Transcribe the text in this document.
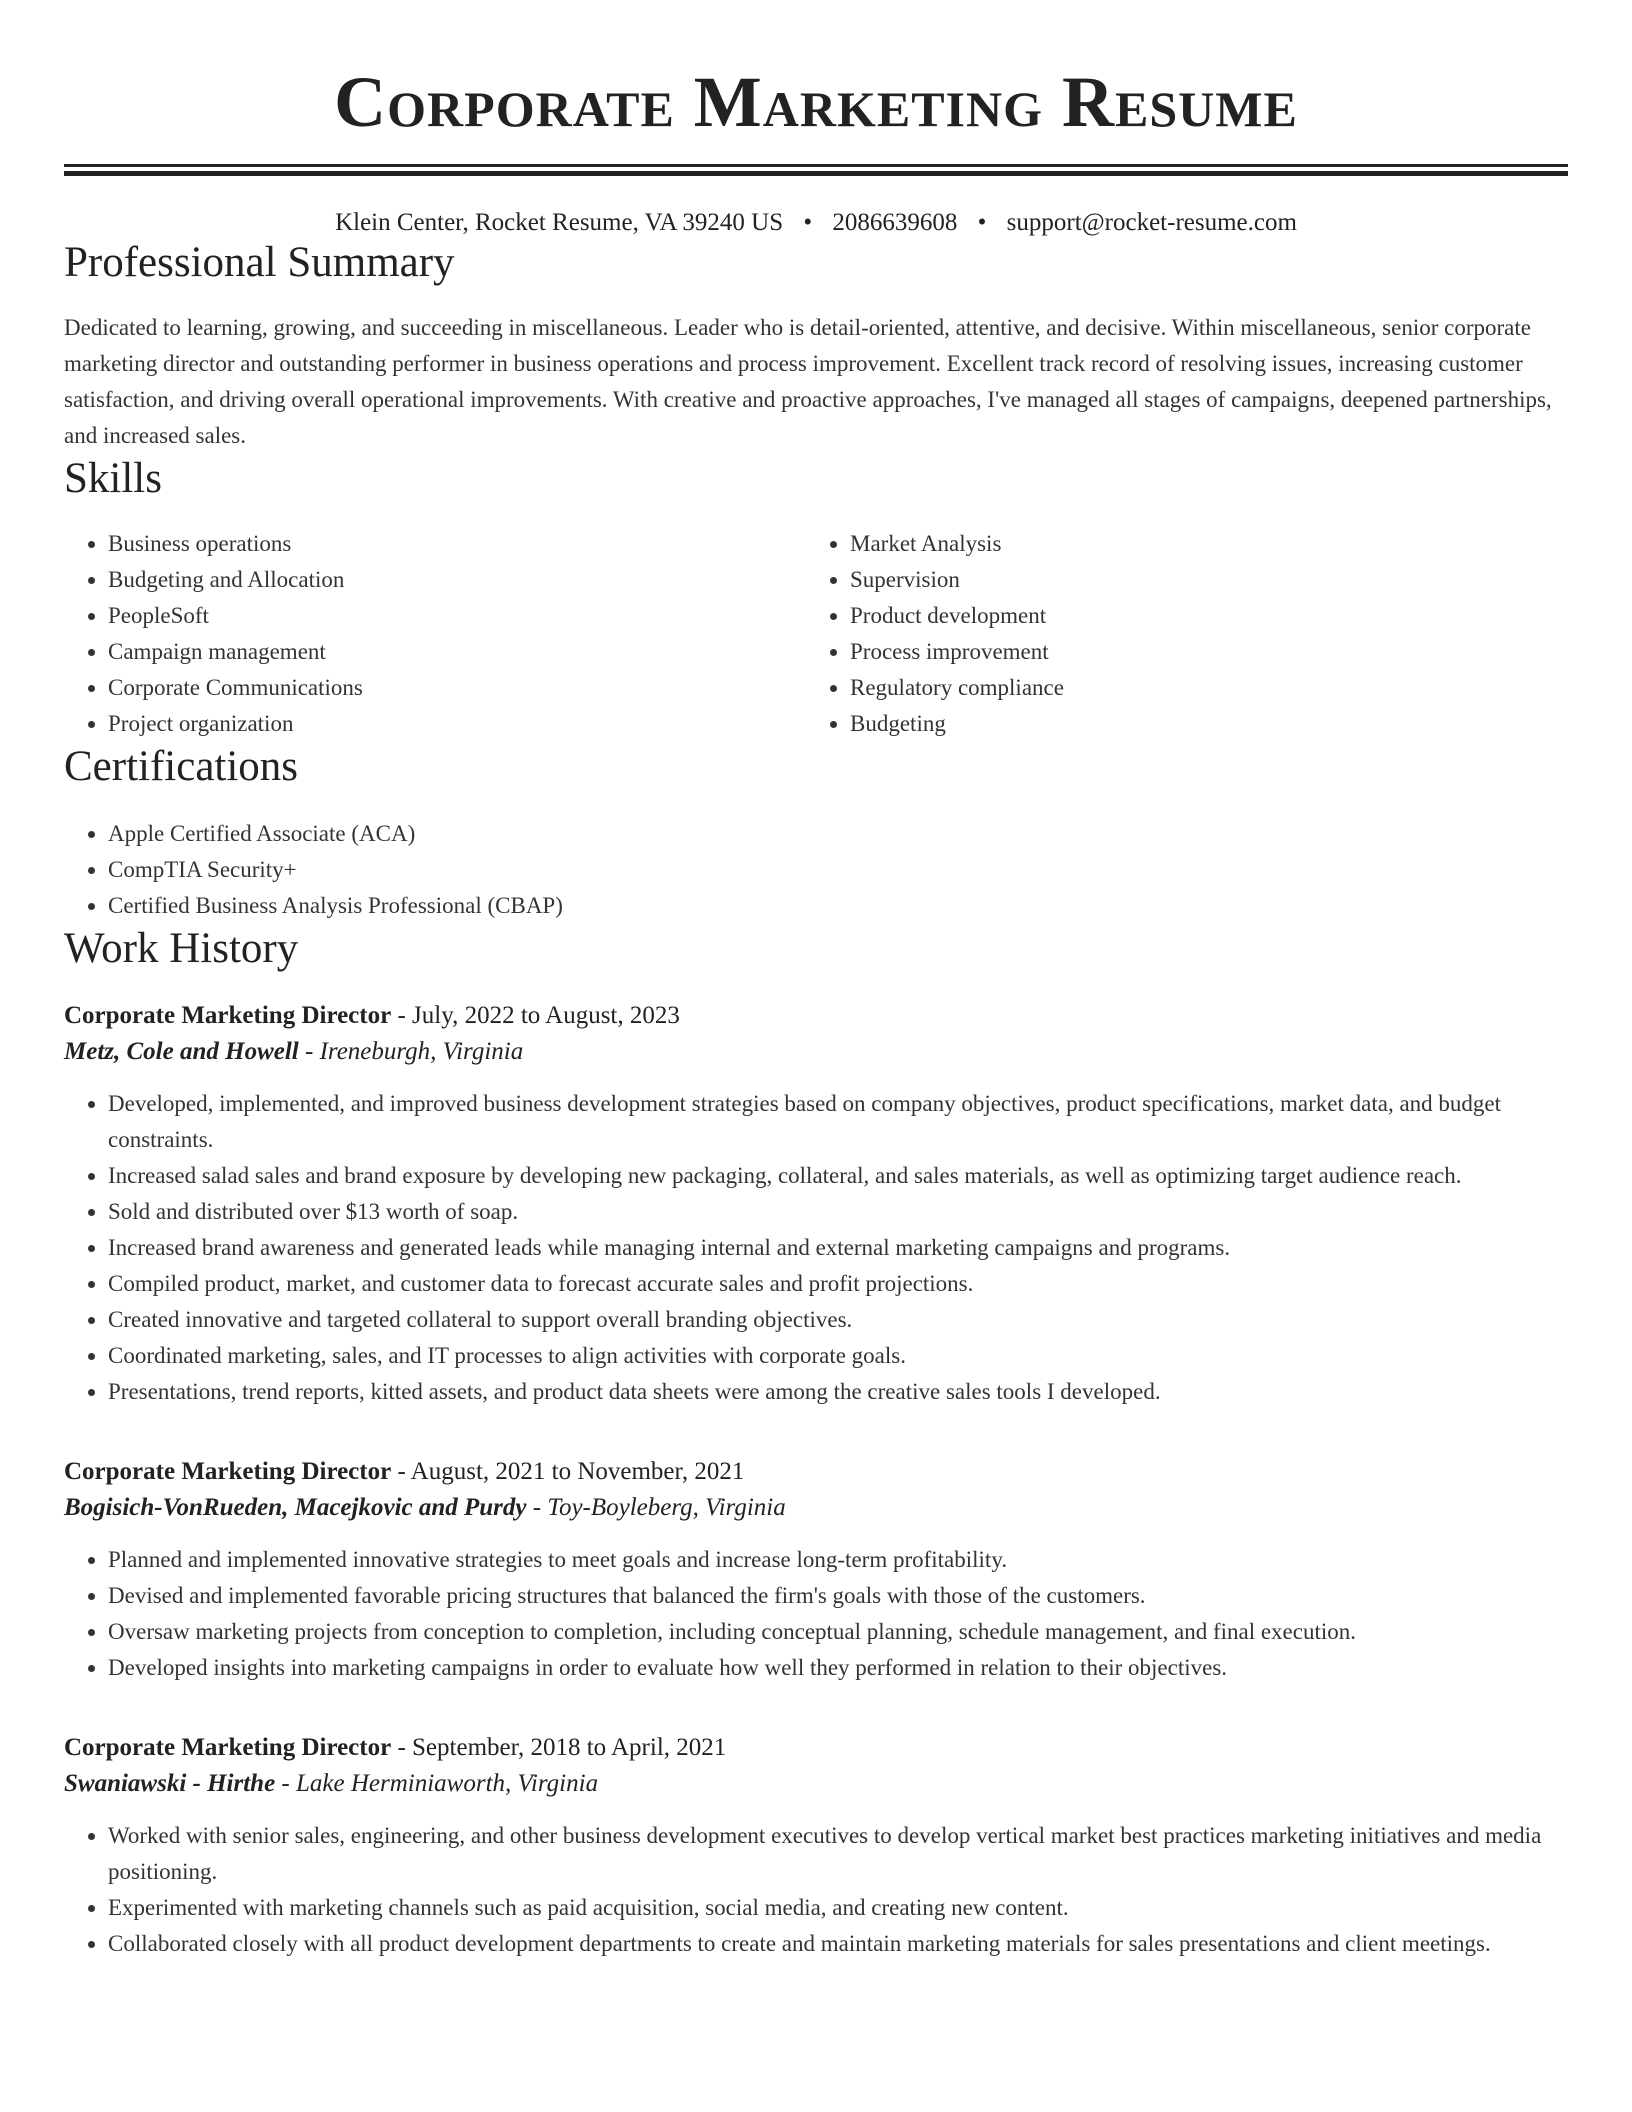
Corporate Marketing Resume
Klein Center, Rocket Resume, VA 39240 US • 2086639608 • support@rocket-resume.com
Professional Summary

Dedicated to learning, growing, and succeeding in miscellaneous. Leader who is detail-oriented, attentive, and decisive. Within miscellaneous, senior corporate marketing director and outstanding performer in business operations and process improvement. Excellent track record of resolving issues, increasing customer satisfaction, and driving overall operational improvements. With creative and proactive approaches, I've managed all stages of campaigns, deepened partnerships, and increased sales.

Skills
• Business operations
• Budgeting and Allocation
• PeopleSoft
• Campaign management
• Corporate Communications
• Project organization
• Market Analysis
• Supervision
• Product development
• Process improvement
• Regulatory compliance
• Budgeting
Certifications
• Apple Certified Associate (ACA)
• CompTIA Security+
• Certified Business Analysis Professional (CBAP)
Work History
Corporate Marketing Director - July, 2022 to August, 2023
Metz, Cole and Howell - Ireneburgh, Virginia
• Developed, implemented, and improved business development strategies based on company objectives, product specifications, market data, and budget constraints.
• Increased salad sales and brand exposure by developing new packaging, collateral, and sales materials, as well as optimizing target audience reach.
• Sold and distributed over $13 worth of soap.
• Increased brand awareness and generated leads while managing internal and external marketing campaigns and programs.
• Compiled product, market, and customer data to forecast accurate sales and profit projections.
• Created innovative and targeted collateral to support overall branding objectives.
• Coordinated marketing, sales, and IT processes to align activities with corporate goals.
• Presentations, trend reports, kitted assets, and product data sheets were among the creative sales tools I developed.
Corporate Marketing Director - August, 2021 to November, 2021
Bogisich-VonRueden, Macejkovic and Purdy - Toy-Boyleberg, Virginia
• Planned and implemented innovative strategies to meet goals and increase long-term profitability.
• Devised and implemented favorable pricing structures that balanced the firm's goals with those of the customers.
• Oversaw marketing projects from conception to completion, including conceptual planning, schedule management, and final execution.
• Developed insights into marketing campaigns in order to evaluate how well they performed in relation to their objectives.
Corporate Marketing Director - September, 2018 to April, 2021
Swaniawski - Hirthe - Lake Herminiaworth, Virginia
• Worked with senior sales, engineering, and other business development executives to develop vertical market best practices marketing initiatives and media positioning.
• Experimented with marketing channels such as paid acquisition, social media, and creating new content.
• Collaborated closely with all product development departments to create and maintain marketing materials for sales presentations and client meetings.
